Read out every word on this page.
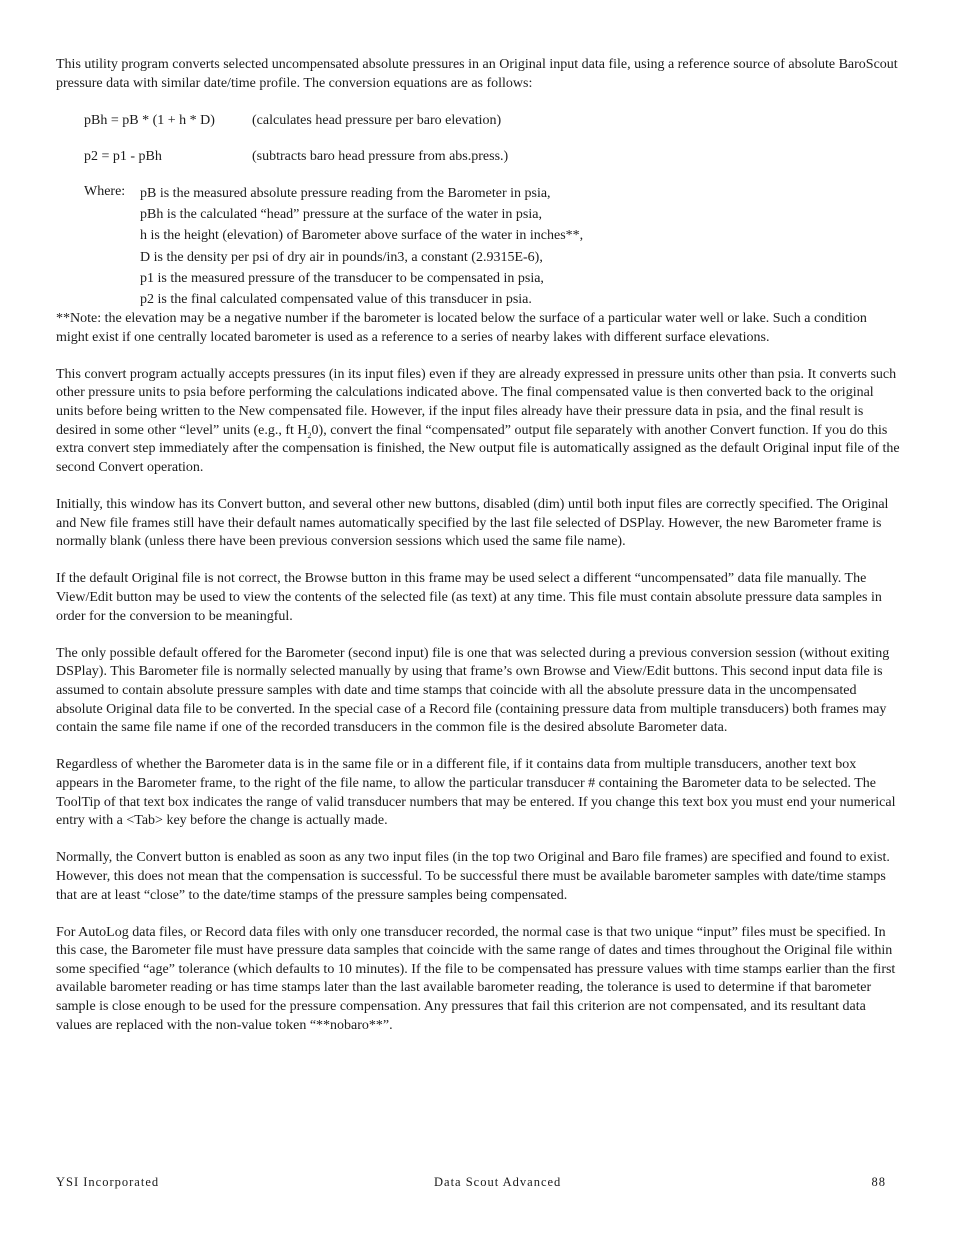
This utility program converts selected uncompensated absolute pressures in an Original input data file, using a reference source of absolute BaroScout pressure data with similar date/time profile. The conversion equations are as follows:

pBh = pB * (1 + h * D)	(calculates head pressure per baro elevation)
p2 = p1 - pBh	(subtracts baro head pressure from abs.press.)
Where:	pB is the measured absolute pressure reading from the Barometer in psia,
pBh is the calculated “head” pressure at the surface of the water in psia,
h is the height (elevation) of Barometer above surface of the water in inches**,
D is the density per psi of dry air in pounds/in3, a constant (2.9315E-6),
p1 is the measured pressure of the transducer to be compensated in psia,
p2 is the final calculated compensated value of this transducer in psia.

**Note: the elevation may be a negative number if the barometer is located below the surface of a particular water well or lake. Such a condition might exist if one centrally located barometer is used as a reference to a series of nearby lakes with different surface elevations.

This convert program actually accepts pressures (in its input files) even if they are already expressed in pressure units other than psia. It converts such other pressure units to psia before performing the calculations indicated above. The final compensated value is then converted back to the original units before being written to the New compensated file. However, if the input files already have their pressure data in psia, and the final result is desired in some other “level” units (e.g., ft $H_20$), convert the final “compensated” output file separately with another Convert function. If you do this extra convert step immediately after the compensation is finished, the New output file is automatically assigned as the default Original input file of the second Convert operation.

Initially, this window has its Convert button, and several other new buttons, disabled (dim) until both input files are correctly specified. The Original and New file frames still have their default names automatically specified by the last file selected of DSPlay. However, the new Barometer frame is normally blank (unless there have been previous conversion sessions which used the same file name).

If the default Original file is not correct, the Browse button in this frame may be used select a different “uncompensated” data file manually. The View/Edit button may be used to view the contents of the selected file (as text) at any time. This file must contain absolute pressure data samples in order for the conversion to be meaningful.

The only possible default offered for the Barometer (second input) file is one that was selected during a previous conversion session (without exiting DSPlay). This Barometer file is normally selected manually by using that frame’s own Browse and View/Edit buttons. This second input data file is assumed to contain absolute pressure samples with date and time stamps that coincide with all the absolute pressure data in the uncompensated absolute Original data file to be converted. In the special case of a Record file (containing pressure data from multiple transducers) both frames may contain the same file name if one of the recorded transducers in the common file is the desired absolute Barometer data.

Regardless of whether the Barometer data is in the same file or in a different file, if it contains data from multiple transducers, another text box appears in the Barometer frame, to the right of the file name, to allow the particular transducer # containing the Barometer data to be selected. The ToolTip of that text box indicates the range of valid transducer numbers that may be entered. If you change this text box you must end your numerical entry with a <Tab> key before the change is actually made.

Normally, the Convert button is enabled as soon as any two input files (in the top two Original and Baro file frames) are specified and found to exist. However, this does not mean that the compensation is successful. To be successful there must be available barometer samples with date/time stamps that are at least “close” to the date/time stamps of the pressure samples being compensated.

For AutoLog data files, or Record data files with only one transducer recorded, the normal case is that two unique “input” files must be specified. In this case, the Barometer file must have pressure data samples that coincide with the same range of dates and times throughout the Original file within some specified “age” tolerance (which defaults to 10 minutes). If the file to be compensated has pressure values with time stamps earlier than the first available barometer reading or has time stamps later than the last available barometer reading, the tolerance is used to determine if that barometer sample is close enough to be used for the pressure compensation. Any pressures that fail this criterion are not compensated, and its resultant data values are replaced with the non-value token “**nobaro**”.

YSI Incorporated	Data Scout Advanced	88
